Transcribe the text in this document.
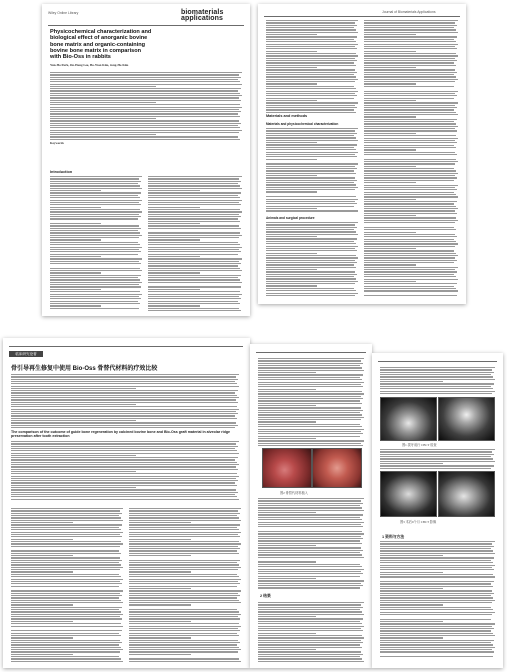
Wiley Online Library	biomaterials
applications
Physicochemical characterization and
biological effect of anorganic bovine
bone matrix and organic-containing
bovine bone matrix in comparison
with Bio-Oss in rabbits
Yun-Ho Park, Jin-Hong Lee, Ho-Won Kim, Jong-Ho Kim
Keywords
Introduction
Journal of Biomaterials Applications
Materials and methods
Materials and physicochemical characterization
Animals and surgical procedure
临床研究论著
骨引导再生修复中使用 Bio-Oss 骨替代材料的疗效比较
The comparison of the outcome of guide bone regeneration by calcined bovine bone and Bio-Oss graft material in alveolar ridge preservation after tooth extraction
图2 骨替代材料植入
2 结果
图1 拔牙前行 CBCT 检查
图3 术后6个月 CBCT 影像
1 资料与方法
